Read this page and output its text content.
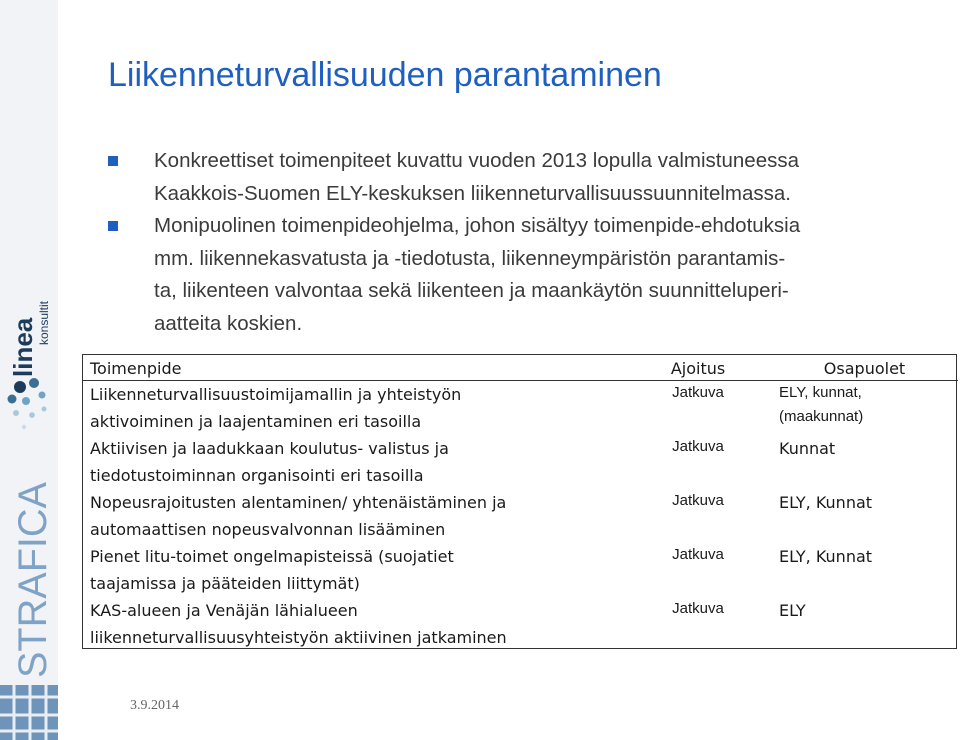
linea konsultit
STRAFICA
Liikenneturvallisuuden parantaminen
Konkreettiset toimenpiteet kuvattu vuoden 2013 lopulla valmistuneessa
Kaakkois-Suomen ELY-keskuksen liikenneturvallisuussuunnitelmassa.
Monipuolinen toimenpideohjelma, johon sisältyy toimenpide-ehdotuksia
mm. liikennekasvatusta ja -tiedotusta, liikenneympäristön parantamis-
ta, liikenteen valvontaa sekä liikenteen ja maankäytön suunnitteluperi-
aatteita koskien.
Toimenpide	Ajoitus	Osapuolet
Liikenneturvallisuustoimijamallin ja yhteistyön
aktivoiminen ja laajentaminen eri tasoilla	Jatkuva	ELY, kunnat, (maakunnat)
Aktiivisen ja laadukkaan koulutus- valistus ja
tiedotustoiminnan organisointi eri tasoilla	Jatkuva	Kunnat
Nopeusrajoitusten alentaminen/ yhtenäistäminen ja
automaattisen nopeusvalvonnan lisääminen	Jatkuva	ELY, Kunnat
Pienet litu-toimet ongelmapisteissä (suojatiet
taajamissa ja pääteiden liittymät)	Jatkuva	ELY, Kunnat
KAS-alueen ja Venäjän lähialueen
liikenneturvallisuusyhteistyön aktiivinen jatkaminen	Jatkuva	ELY
3.9.2014
